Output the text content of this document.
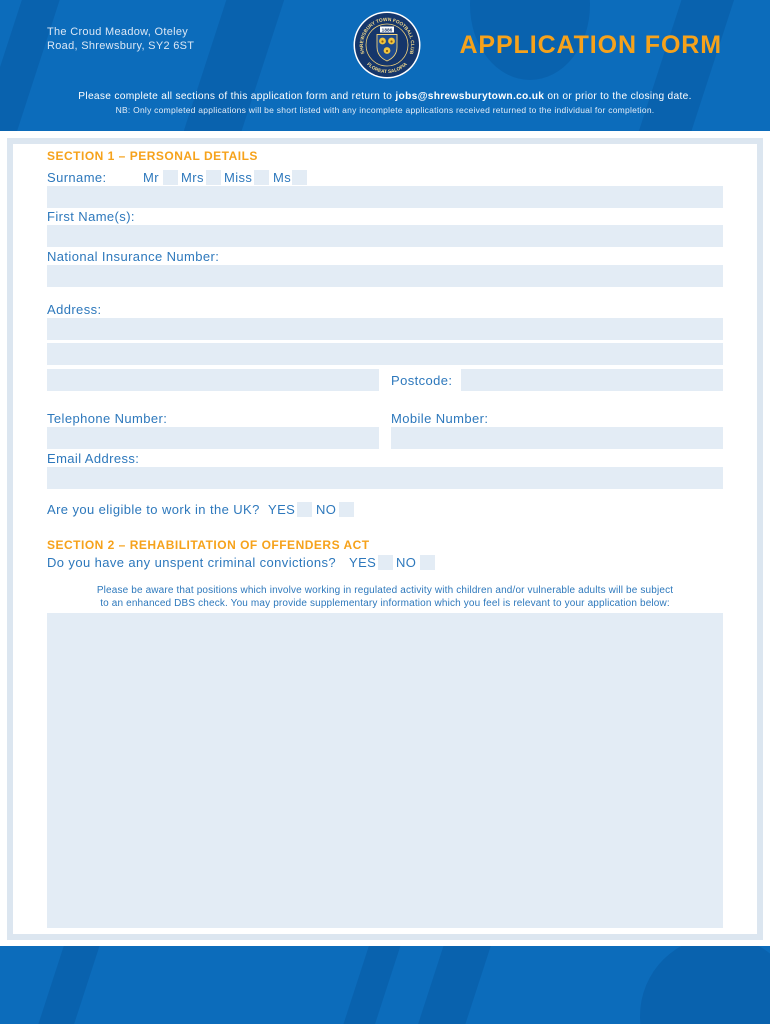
The Croud Meadow, Oteley
Road, Shrewsbury, SY2 6ST
SHREWSBURY TOWN FOOTBALL CLUB
FLOREAT SALOPIA
1886
APPLICATION FORM
Please complete all sections of this application form and return to jobs@shrewsburytown.co.uk on or prior to the closing date.
NB: Only completed applications will be short listed with any incomplete applications received returned to the individual for completion.
SECTION 1 – PERSONAL DETAILS
Surname:	Mr Mrs Miss Ms
First Name(s):
National Insurance Number:
Address:
Postcode:
Telephone Number:	Mobile Number:
Email Address:
Are you eligible to work in the UK? YES NO
SECTION 2 – REHABILITATION OF OFFENDERS ACT
Do you have any unspent criminal convictions? YES NO
Please be aware that positions which involve working in regulated activity with children and/or vulnerable adults will be subject
to an enhanced DBS check. You may provide supplementary information which you feel is relevant to your application below:
